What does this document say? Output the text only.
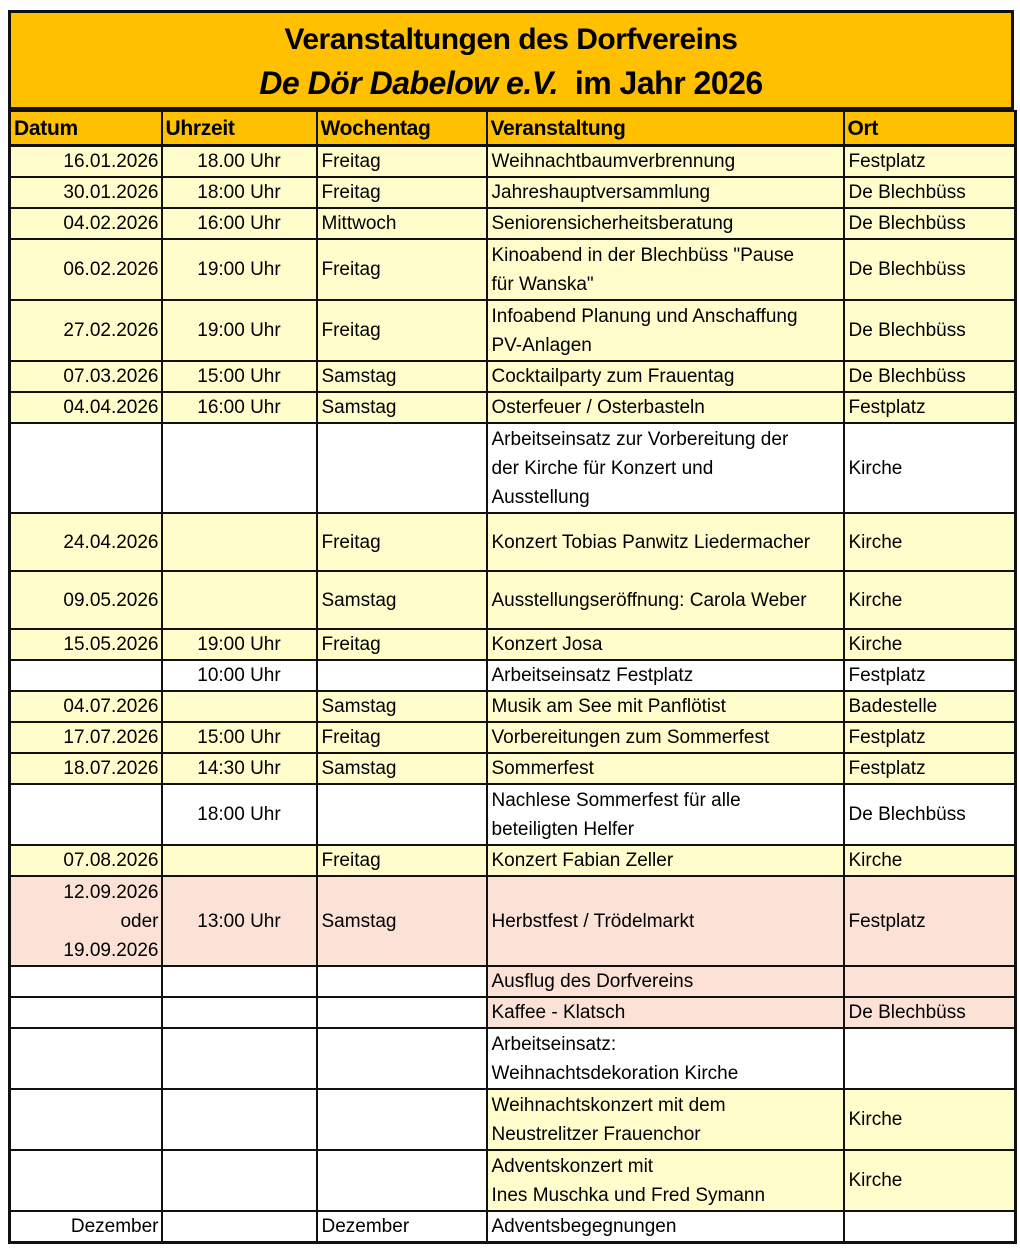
Veranstaltungen des Dorfvereins
De Dör Dabelow e.V. im Jahr 2026
Datum	Uhrzeit	Wochentag	Veranstaltung	Ort

16.01.2026	18.00 Uhr	Freitag	Weihnachtbaumverbrennung	Festplatz

30.01.2026	18:00 Uhr	Freitag	Jahreshauptversammlung	De Blechbüss

04.02.2026	16:00 Uhr	Mittwoch	Seniorensicherheitsberatung	De Blechbüss

06.02.2026	19:00 Uhr	Freitag	Kinoabend in der Blechbüss "Pause
für Wanska"	De Blechbüss

27.02.2026	19:00 Uhr	Freitag	Infoabend Planung und Anschaffung
PV-Anlagen	De Blechbüss

07.03.2026	15:00 Uhr	Samstag	Cocktailparty zum Frauentag	De Blechbüss

04.04.2026	16:00 Uhr	Samstag	Osterfeuer / Osterbasteln	Festplatz

			Arbeitseinsatz zur Vorbereitung der
der Kirche für Konzert und
Ausstellung	Kirche

24.04.2026		Freitag	Konzert Tobias Panwitz Liedermacher	Kirche

09.05.2026		Samstag	Ausstellungseröffnung: Carola Weber	Kirche

15.05.2026	19:00 Uhr	Freitag	Konzert Josa	Kirche

	10:00 Uhr		Arbeitseinsatz Festplatz	Festplatz

04.07.2026		Samstag	Musik am See mit Panflötist	Badestelle

17.07.2026	15:00 Uhr	Freitag	Vorbereitungen zum Sommerfest	Festplatz

18.07.2026	14:30 Uhr	Samstag	Sommerfest	Festplatz

	18:00 Uhr		Nachlese Sommerfest für alle
beteiligten Helfer	De Blechbüss

07.08.2026		Freitag	Konzert Fabian Zeller	Kirche

12.09.2026
oder
19.09.2026	13:00 Uhr	Samstag	Herbstfest / Trödelmarkt	Festplatz

			Ausflug des Dorfvereins	

			Kaffee - Klatsch	De Blechbüss

			Arbeitseinsatz:
Weihnachtsdekoration Kirche	

			Weihnachtskonzert mit dem
Neustrelitzer Frauenchor	Kirche

			Adventskonzert mit
Ines Muschka und Fred Symann	Kirche

Dezember		Dezember	Adventsbegegnungen	
